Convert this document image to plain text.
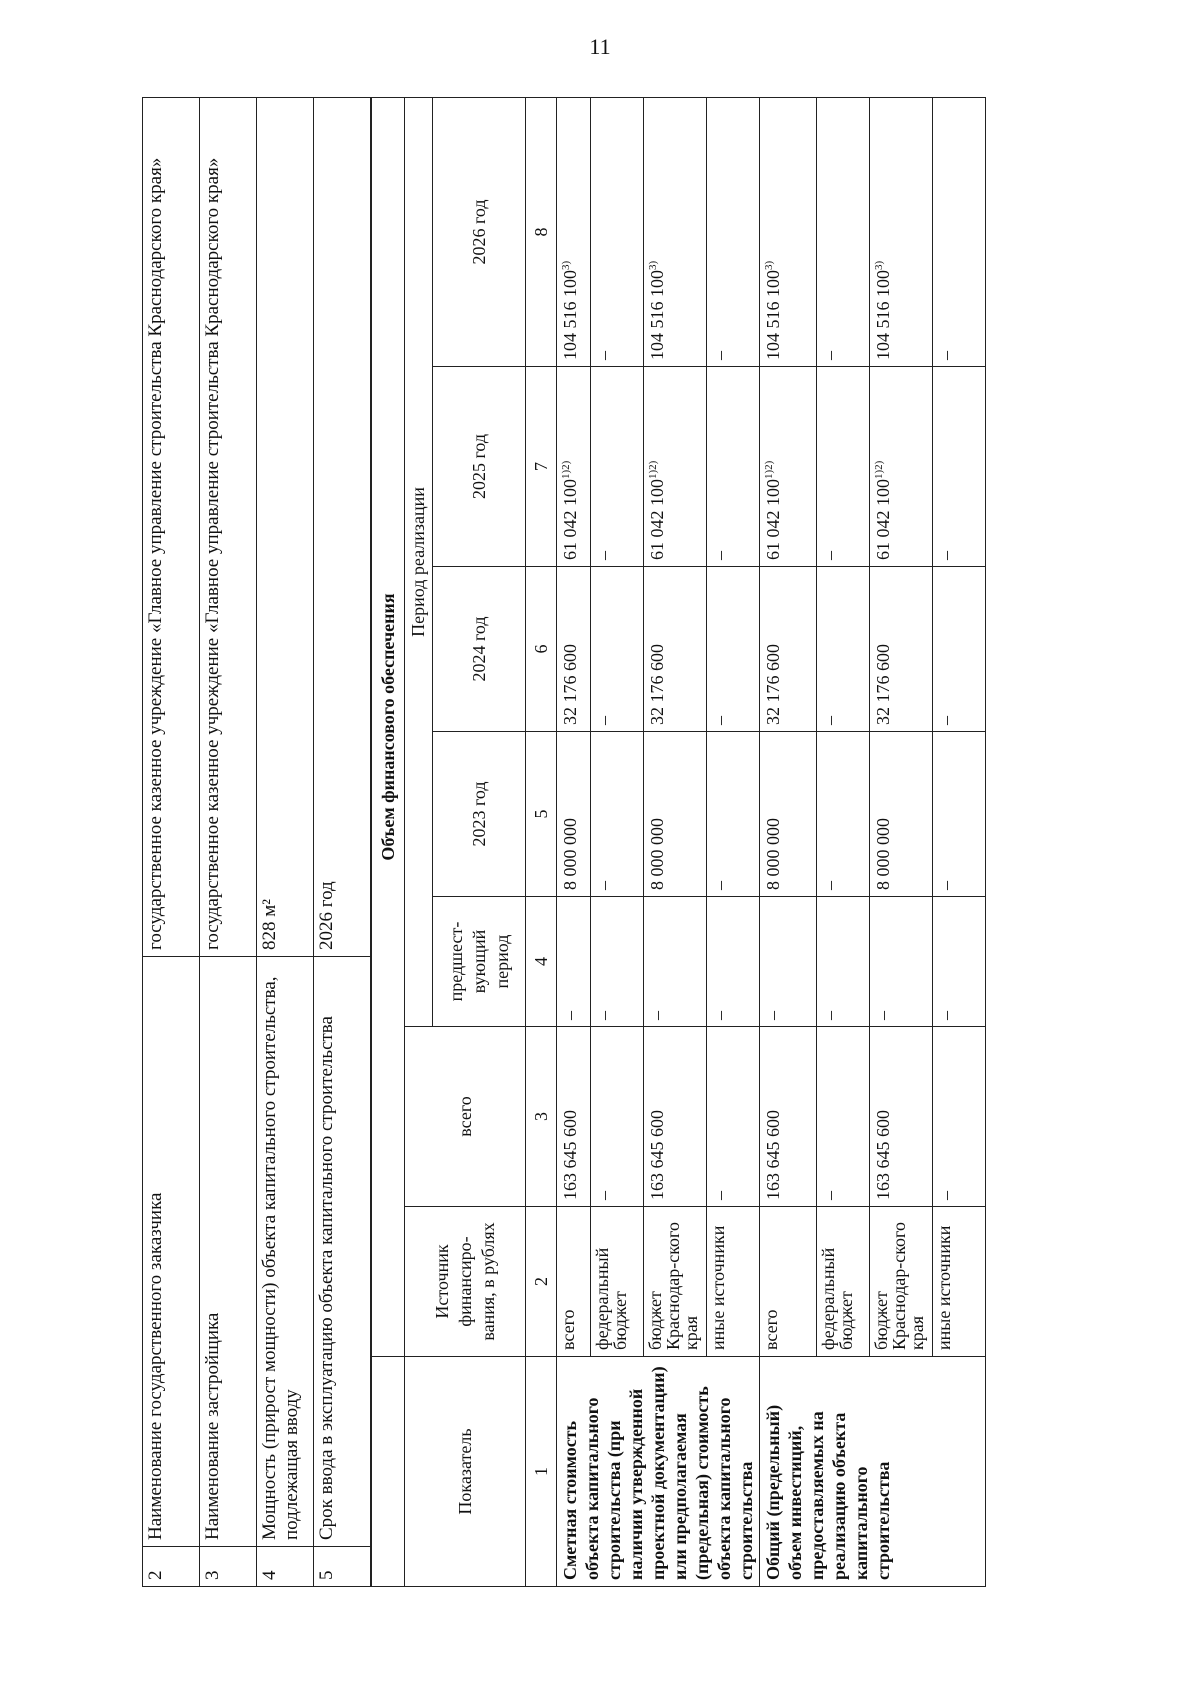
11
2	Наименование государственного заказчика	государственное казенное учреждение «Главное управление строительства Краснодарского края»
3	Наименование застройщика	государственное казенное учреждение «Главное управление строительства Краснодарского края»
4	Мощность (прирост мощности) объекта капитального строительства, подлежащая вводу	828 м²
5	Срок ввода в эксплуатацию объекта капитального строительства	2026 год
	Объем финансового обеспечения						
Показатель	Источник финансиро-вания, в рублях	всего	Период реализации				
			предшест-вующий период	2023 год	2024 год	2025 год	2026 год
1	2	3	4	5	6	7	8
Сметная стоимость объекта капитального строительства (при наличии утвержденной проектной документации) или предполагаемая (предельная) стоимость объекта капитального строительства	всего	163 645 600	–	8 000 000	32 176 600	61 042 $100^{1)2)}$	104 516 100$^{3)}$
	федеральный бюджет	–	–	–	–	–	–
	бюджет Краснодар-ского края	163 645 600	–	8 000 000	32 176 600	61 042 $100^{1)2)}$	104 516 100$^{3)}$
	иные источники	–	–	–	–	–	–
Общий (предельный) объем инвестиций, предоставляемых на реализацию объекта капитального строительства	всего	163 645 600	–	8 000 000	32 176 600	61 042 $100^{1)2)}$	104 516 100$^{3)}$
	федеральный бюджет	–	–	–	–	–	–
	бюджет Краснодар-ского края	163 645 600	–	8 000 000	32 176 600	61 042 $100^{1)2)}$	104 516 100$^{3)}$
	иные источники	–	–	–	–	–	–
